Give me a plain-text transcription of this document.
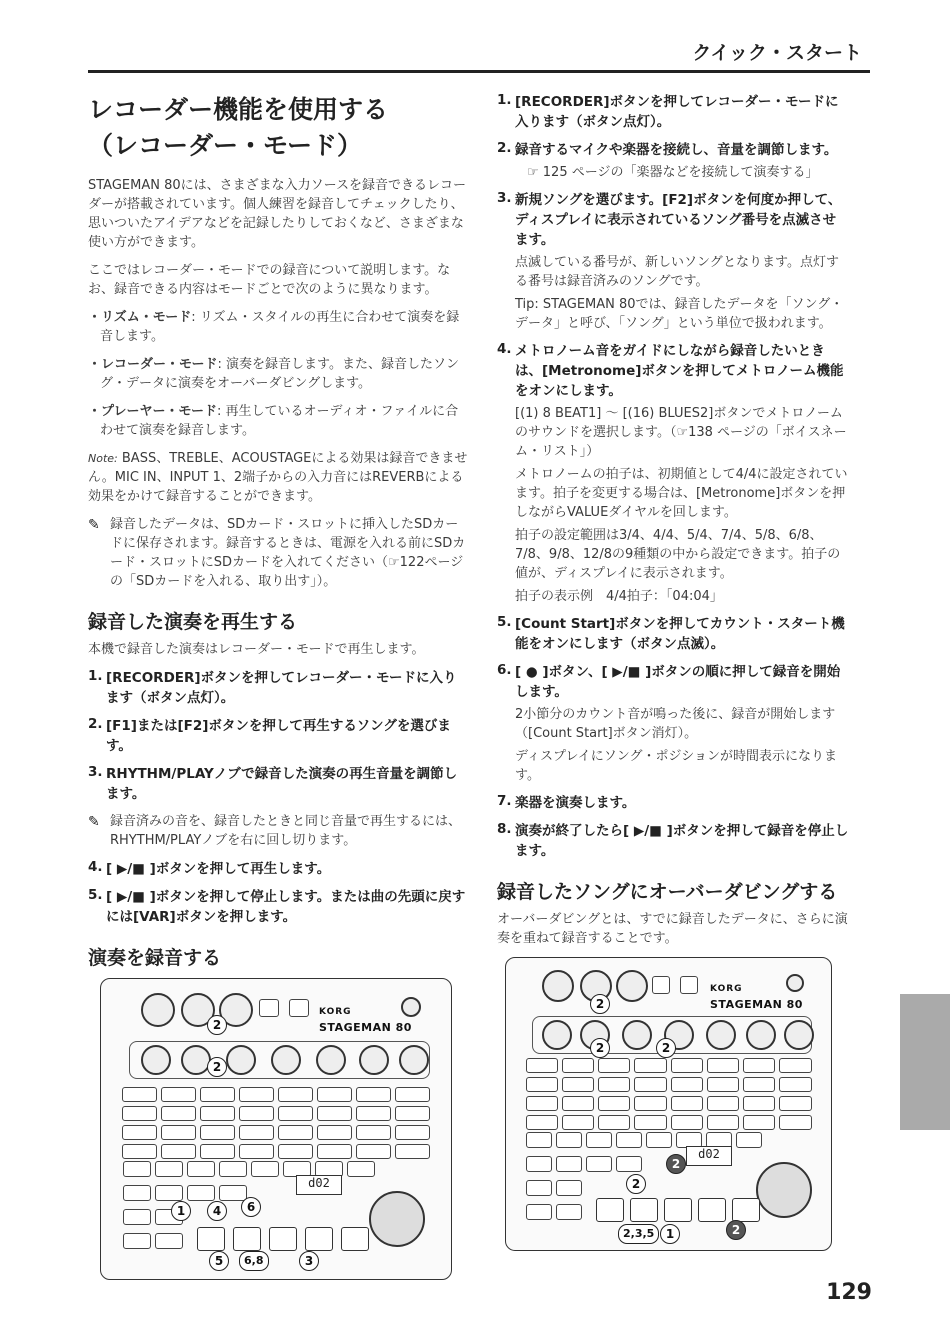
クイック・スタート
レコーダー機能を使用する
（レコーダー・モード）

STAGEMAN 80には、さまざまな入力ソースを録音できるレコーダーが搭載されています。個人練習を録音してチェックしたり、思いついたアイデアなどを記録したりしておくなど、さまざまな使い方ができます。

ここではレコーダー・モードでの録音について説明します。なお、録音できる内容はモードごとで次のように異なります。

・リズム・モード: リズム・スタイルの再生に合わせて演奏を録音します。

・レコーダー・モード: 演奏を録音します。また、録音したソング・データに演奏をオーバーダビングします。

・プレーヤー・モード: 再生しているオーディオ・ファイルに合わせて演奏を録音します。

Note: BASS、TREBLE、ACOUSTAGEによる効果は録音できません。MIC IN、INPUT 1、2端子からの入力音にはREVERBによる効果をかけて録音することができます。

✎ 録音したデータは、SDカード・スロットに挿入したSDカードに保存されます。録音するときは、電源を入れる前にSDカード・スロットにSDカードを入れてください（☞122ページの「SDカードを入れる、取り出す」）。

録音した演奏を再生する

本機で録音した演奏はレコーダー・モードで再生します。

1. [RECORDER]ボタンを押してレコーダー・モードに入ります（ボタン点灯）。
2. [F1]または[F2]ボタンを押して再生するソングを選びます。
3. RHYTHM/PLAYノブで録音した演奏の再生音量を調節します。

✎ 録音済みの音を、録音したときと同じ音量で再生するには、RHYTHM/PLAYノブを右に回し切ります。

4. [ ▶/■ ]ボタンを押して再生します。
5. [ ▶/■ ]ボタンを押して停止します。または曲の先頭に戻すには[VAR]ボタンを押します。
演奏を録音する
KORG
STAGEMAN 80
d02
2
2
4	6
1
5	6,8	3
1. [RECORDER]ボタンを押してレコーダー・モードに入ります（ボタン点灯）。
2. 録音するマイクや楽器を接続し、音量を調節します。

☞ 125 ページの「楽器などを接続して演奏する」

3. 新規ソングを選びます。[F2]ボタンを何度か押して、ディスプレイに表示されているソング番号を点滅させます。

点滅している番号が、新しいソングとなります。点灯する番号は録音済みのソングです。

Tip: STAGEMAN 80では、録音したデータを「ソング・データ」と呼び、「ソング」という単位で扱われます。

4. メトロノーム音をガイドにしながら録音したいときは、[Metronome]ボタンを押してメトロノーム機能をオンにします。

[(1) 8 BEAT1] ～ [(16) BLUES2]ボタンでメトロノームのサウンドを選択します。（☞138 ページの「ボイスネーム・リスト」）

メトロノームの拍子は、初期値として4/4に設定されています。拍子を変更する場合は、[Metronome]ボタンを押しながらVALUEダイヤルを回します。

拍子の設定範囲は3/4、4/4、5/4、7/4、5/8、6/8、7/8、9/8、12/8の9種類の中から設定できます。拍子の値が、ディスプレイに表示されます。

拍子の表示例　4/4拍子：「04:04」

5. [Count Start]ボタンを押してカウント・スタート機能をオンにします（ボタン点滅）。
6. [ ● ]ボタン、[ ▶/■ ]ボタンの順に押して録音を開始します。

2小節分のカウント音が鳴った後に、録音が開始します（[Count Start]ボタン消灯）。

ディスプレイにソング・ポジションが時間表示になります。

7. 楽器を演奏します。
8. 演奏が終了したら[ ▶/■ ]ボタンを押して録音を停止します。
録音したソングにオーバーダビングする

オーバーダビングとは、すでに録音したデータに、さらに演奏を重ねて録音することです。

KORG
STAGEMAN 80
d02
2
2	2
2
2
2
2,3,5 1
129
